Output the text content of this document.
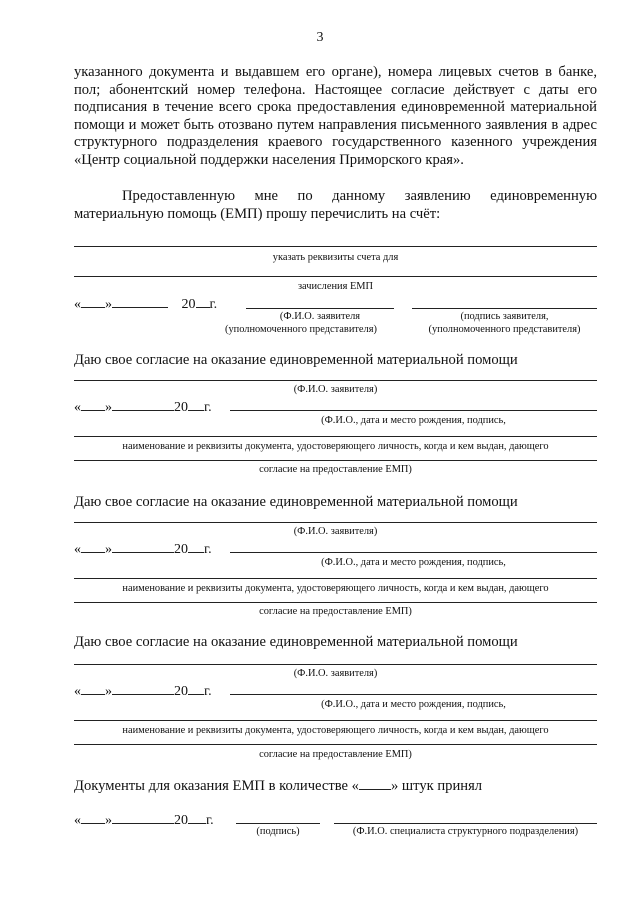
3
указанного документа и выдавшем его органе), номера лицевых счетов в банке, пол; абонентский номер телефона. Настоящее согласие действует с даты его подписания в течение всего срока предоставления единовременной материальной помощи и может быть отозвано путем направления письменного заявления в адрес структурного подразделения краевого государственного казенного учреждения «Центр социальной поддержки населения Приморского края».
Предоставленную мне по данному заявлению единовременную материальную помощь (ЕМП) прошу перечислить на счёт:
указать реквизиты счета для
зачисления ЕМП
« »	20 г.
(Ф.И.О. заявителя
(уполномоченного представителя)
(подпись заявителя,
(уполномоченного представителя)
Даю свое согласие на оказание единовременной материальной помощи
(Ф.И.О. заявителя)
« »	20 г.
(Ф.И.О., дата и место рождения, подпись,
наименование и реквизиты документа, удостоверяющего личность, когда и кем выдан, дающего
согласие на предоставление ЕМП)
Даю свое согласие на оказание единовременной материальной помощи
(Ф.И.О. заявителя)
« »	20 г.
(Ф.И.О., дата и место рождения, подпись,
наименование и реквизиты документа, удостоверяющего личность, когда и кем выдан, дающего
согласие на предоставление ЕМП)
Даю свое согласие на оказание единовременной материальной помощи
(Ф.И.О. заявителя)
« »	20 г.
(Ф.И.О., дата и место рождения, подпись,
наименование и реквизиты документа, удостоверяющего личность, когда и кем выдан, дающего
согласие на предоставление ЕМП)
Документы для оказания ЕМП в количестве « » штук принял
« »	20 г.
(подпись)	(Ф.И.О. специалиста структурного подразделения)
